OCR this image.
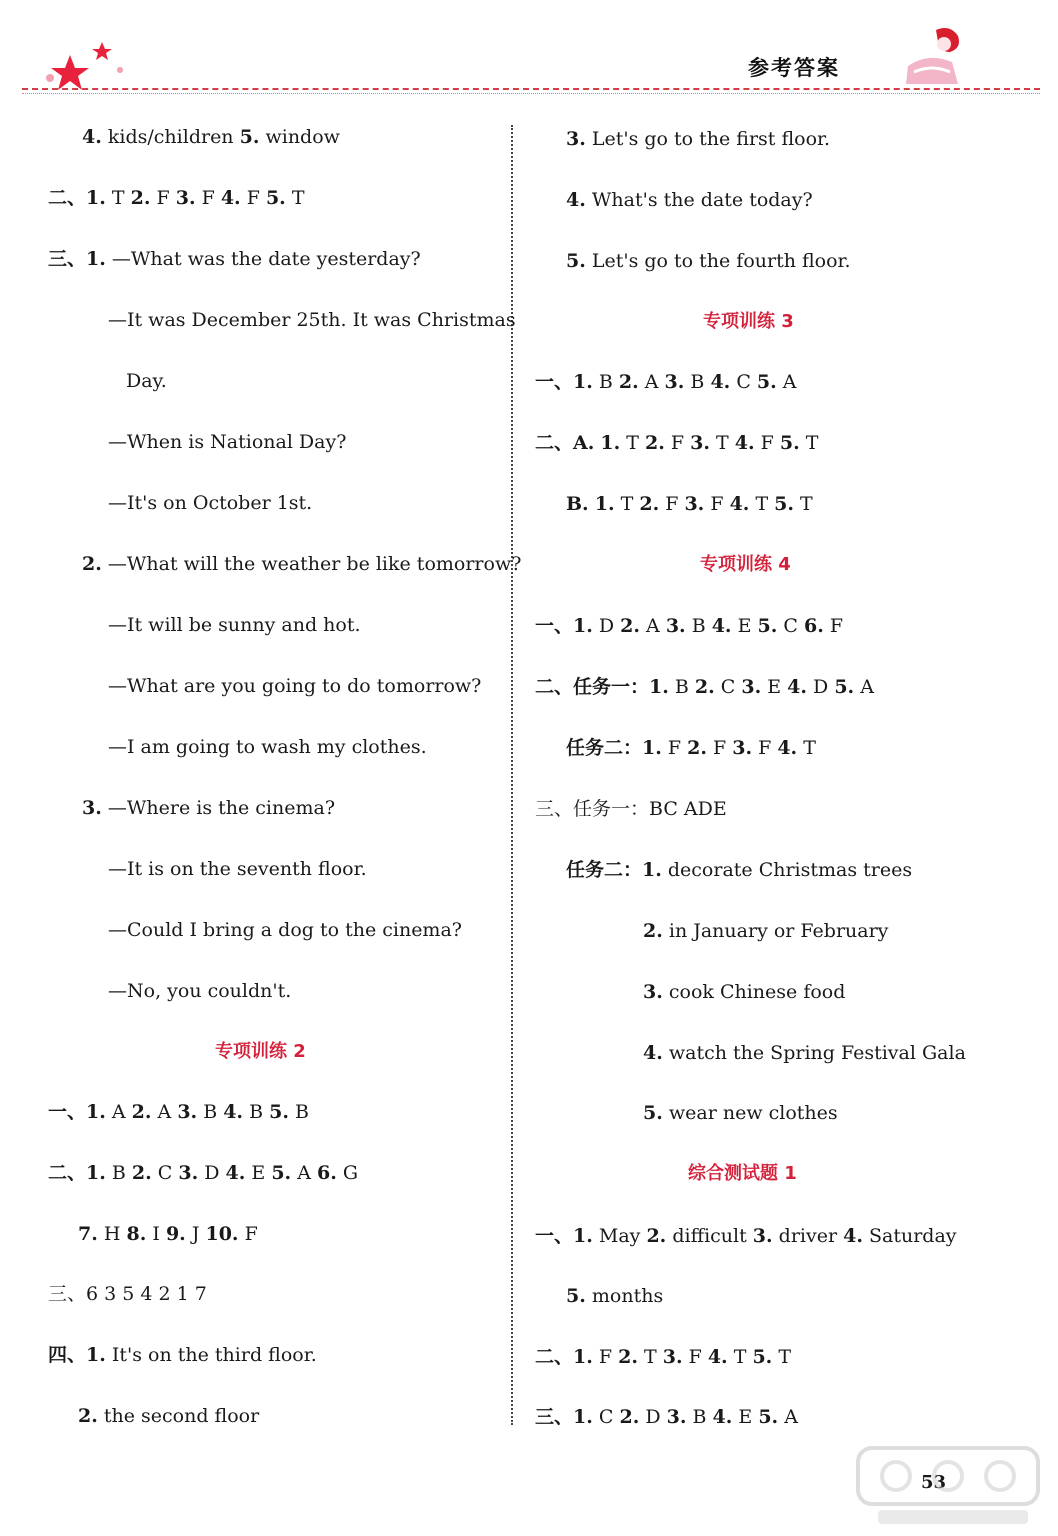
参考答案
4. kids/children 5. window
二、1. T 2. F 3. F 4. F 5. T
三、1. —What was the date yesterday?
—It was December 25th. It was Christmas
Day.
—When is National Day?
—It's on October 1st.
2. —What will the weather be like tomorrow?
—It will be sunny and hot.
—What are you going to do tomorrow?
—I am going to wash my clothes.
3. —Where is the cinema?
—It is on the seventh floor.
—Could I bring a dog to the cinema?
—No, you couldn't.
专项训练 2
一、1. A 2. A 3. B 4. B 5. B
二、1. B 2. C 3. D 4. E 5. A 6. G
7. H 8. I 9. J 10. F
三、6 3 5 4 2 1 7
四、1. It's on the third floor.
2. the second floor
3. Let's go to the first floor.
4. What's the date today?
5. Let's go to the fourth floor.
专项训练 3
一、1. B 2. A 3. B 4. C 5. A
二、A. 1. T 2. F 3. T 4. F 5. T
B. 1. T 2. F 3. F 4. T 5. T
专项训练 4
一、1. D 2. A 3. B 4. E 5. C 6. F
二、任务一：1. B 2. C 3. E 4. D 5. A
任务二：1. F 2. F 3. F 4. T
三、任务一：BC ADE
任务二：1. decorate Christmas trees
2. in January or February
3. cook Chinese food
4. watch the Spring Festival Gala
5. wear new clothes
综合测试题 1
一、1. May 2. difficult 3. driver 4. Saturday
5. months
二、1. F 2. T 3. F 4. T 5. T
三、1. C 2. D 3. B 4. E 5. A
53
